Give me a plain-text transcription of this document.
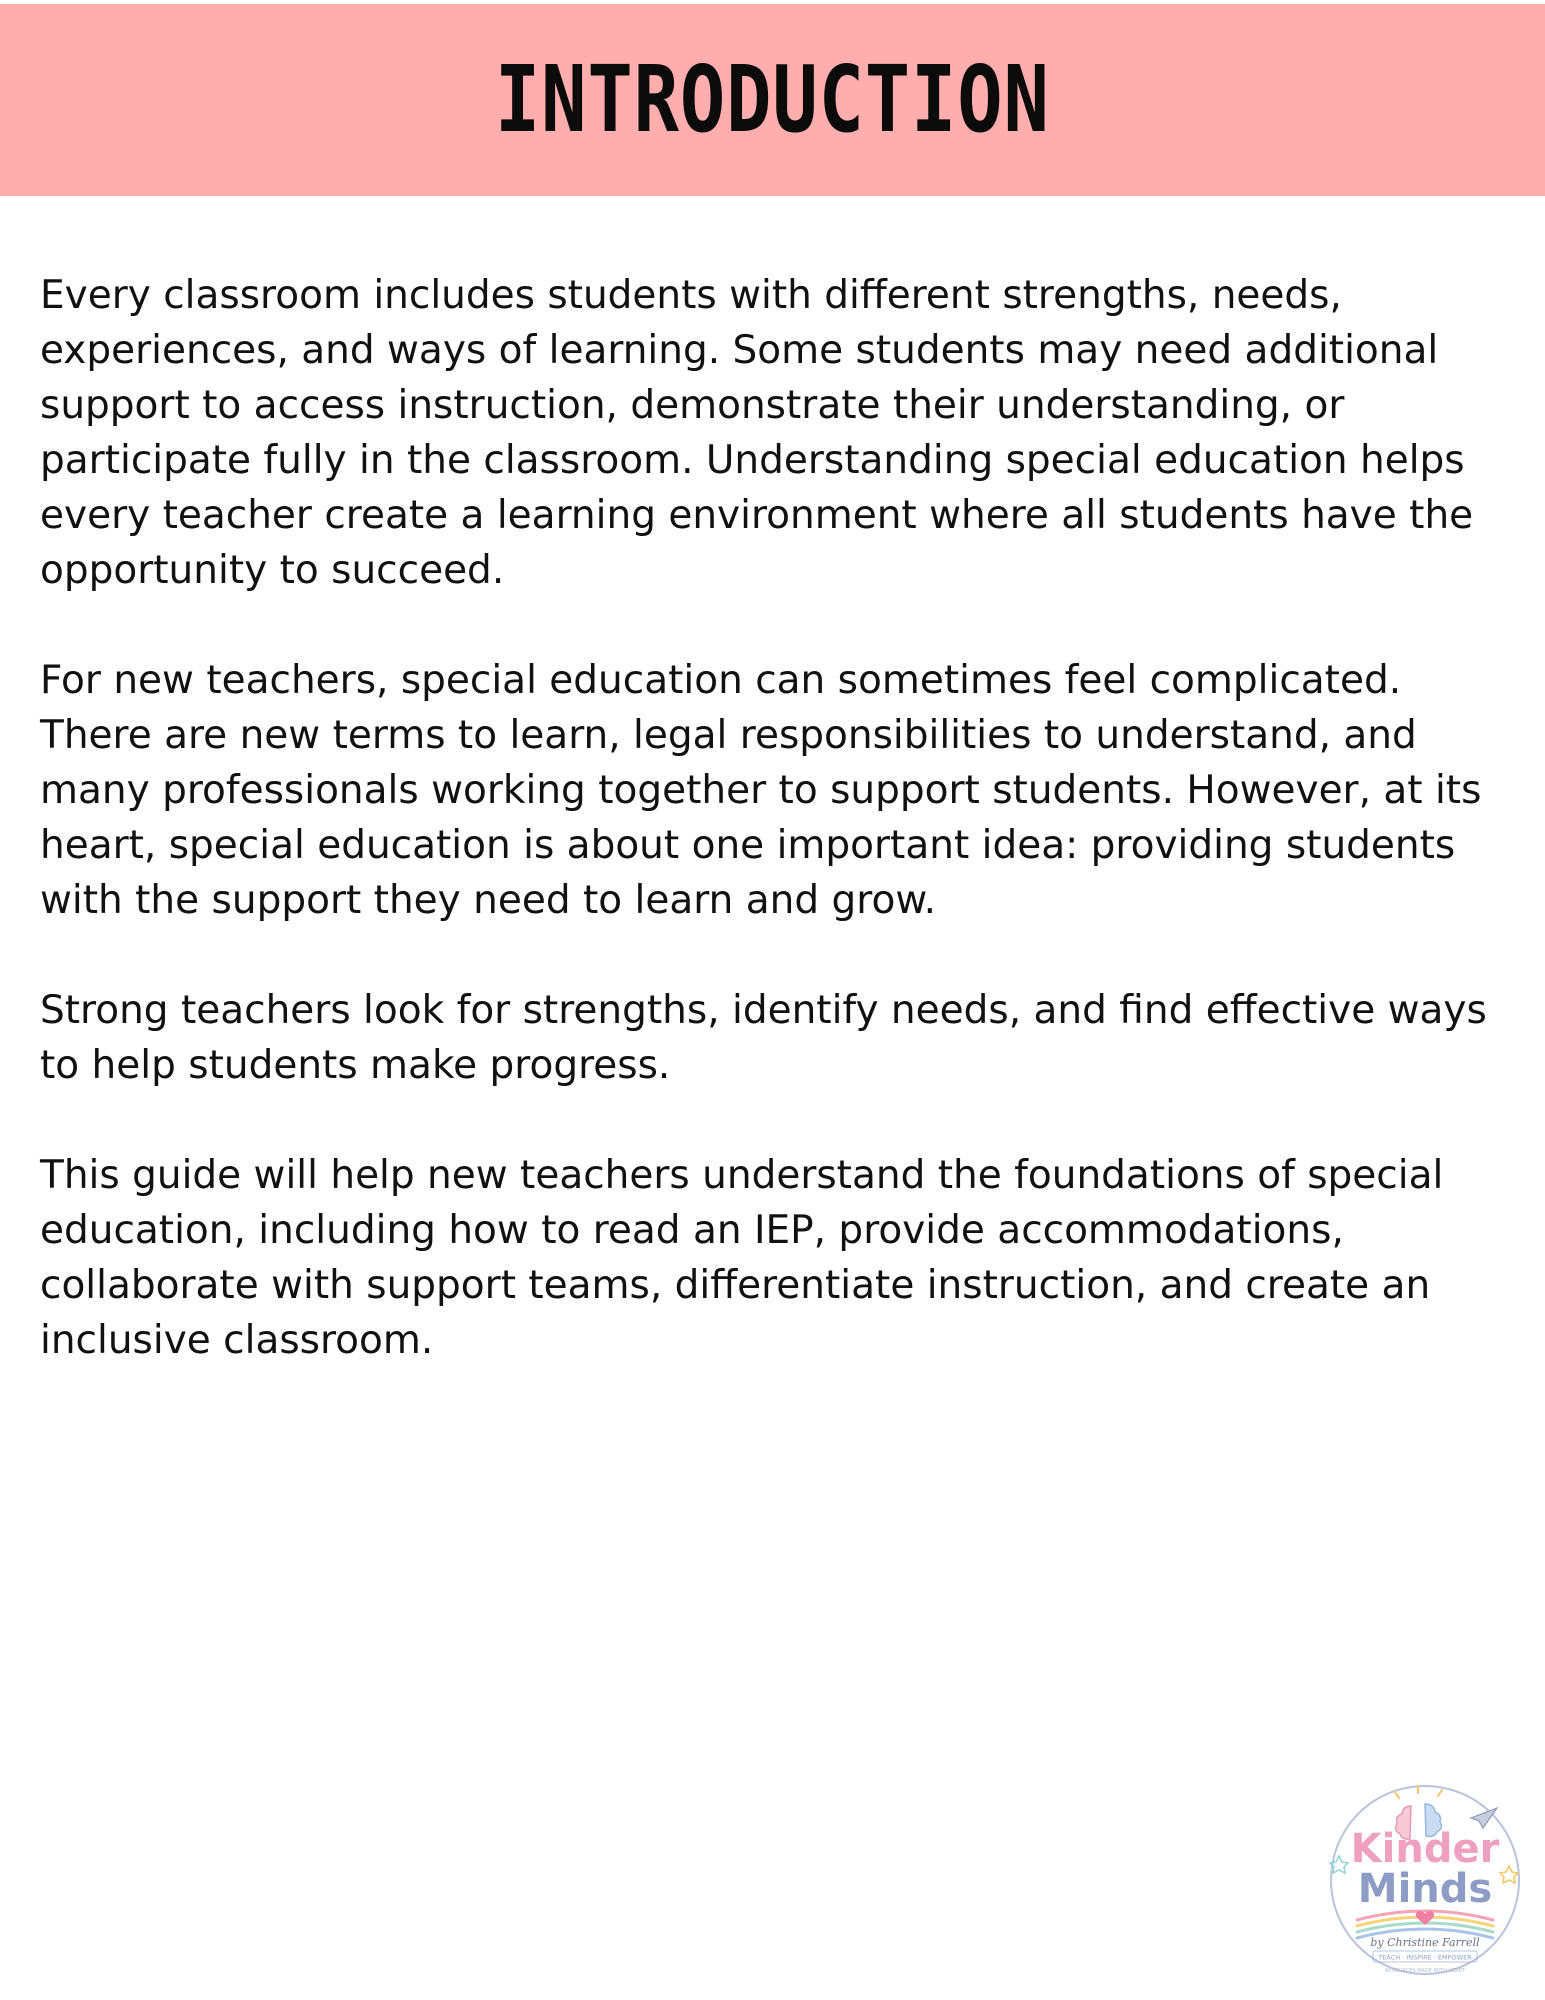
INTRODUCTION

Every classroom includes students with different strengths, needs, experiences, and ways of learning. Some students may need additional support to access instruction, demonstrate their understanding, or participate fully in the classroom. Understanding special education helps every teacher create a learning environment where all students have the opportunity to succeed.

For new teachers, special education can sometimes feel complicated. There are new terms to learn, legal responsibilities to understand, and many professionals working together to support students. However, at its heart, special education is about one important idea: providing students with the support they need to learn and grow.

Strong teachers look for strengths, identify needs, and find effective ways to help students make progress.

This guide will help new teachers understand the foundations of special education, including how to read an IEP, provide accommodations, collaborate with support teams, differentiate instruction, and create an inclusive classroom.

Kinder
Minds
by Christine Farrell
TEACH · INSPIRE · EMPOWER
RESOURCES MADE WITH HEART
